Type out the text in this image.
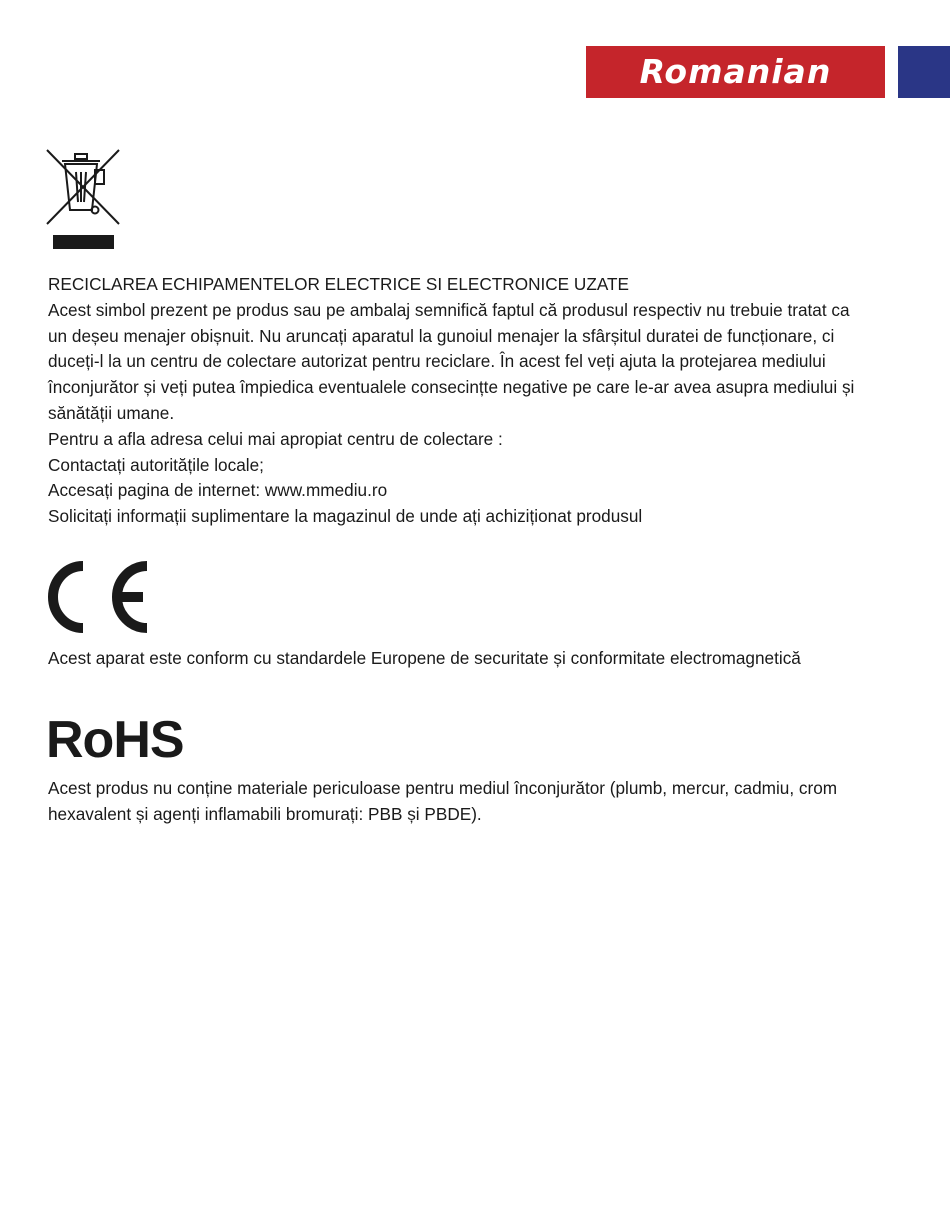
Romanian
RECICLAREA ECHIPAMENTELOR ELECTRICE SI ELECTRONICE UZATE
Acest simbol prezent pe produs sau pe ambalaj semnifică faptul că produsul respectiv nu trebuie tratat ca
un deșeu menajer obișnuit. Nu aruncați aparatul la gunoiul menajer la sfârșitul duratei de funcționare, ci
duceți-l la un centru de colectare autorizat pentru reciclare. În acest fel veți ajuta la protejarea mediului
înconjurător și veți putea împiedica eventualele consecințte negative pe care le-ar avea asupra mediului și
sănătății umane.
Pentru a afla adresa celui mai apropiat centru de colectare :
Contactați autoritățile locale;
Accesați pagina de internet: www.mmediu.ro
Solicitați informații suplimentare la magazinul de unde ați achiziționat produsul
Acest aparat este conform cu standardele Europene de securitate și conformitate electromagnetică
RoHS
Acest produs nu conține materiale periculoase pentru mediul înconjurător (plumb, mercur, cadmiu, crom
hexavalent și agenți inflamabili bromurați: PBB și PBDE).
